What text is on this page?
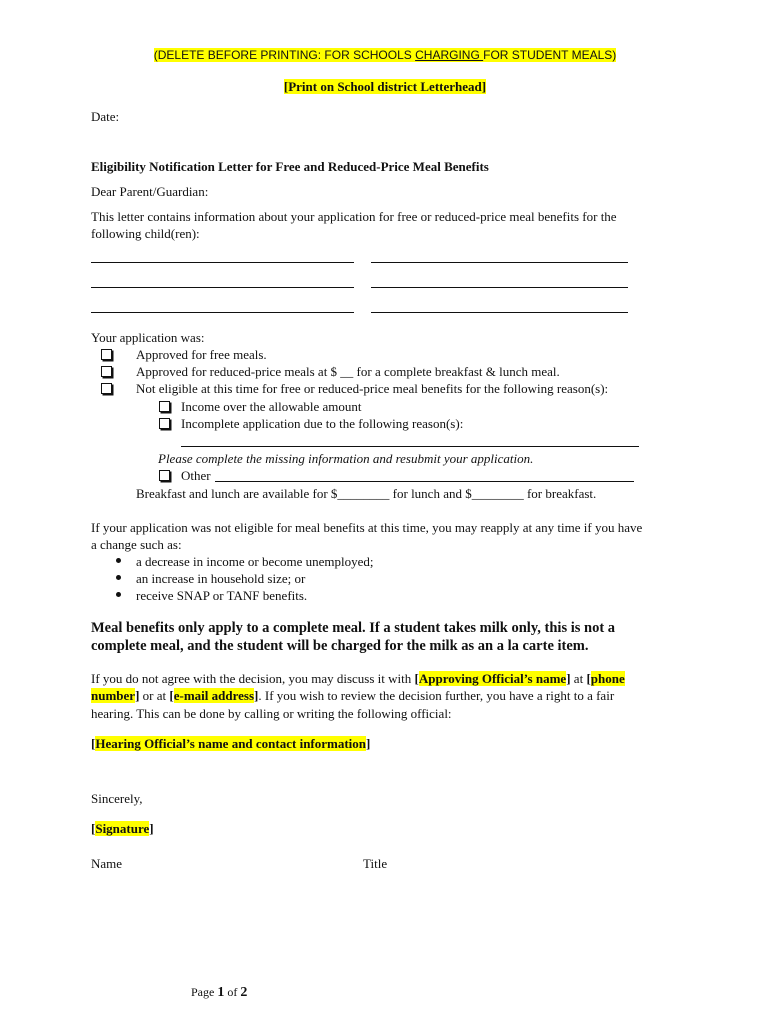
(DELETE BEFORE PRINTING: FOR SCHOOLS CHARGING FOR STUDENT MEALS)
[Print on School district Letterhead]
Date:
Eligibility Notification Letter for Free and Reduced-Price Meal Benefits
Dear Parent/Guardian:
This letter contains information about your application for free or reduced-price meal benefits for the
following child(ren):
Your application was:
Approved for free meals.
Approved for reduced-price meals at $ __ for a complete breakfast & lunch meal.
Not eligible at this time for free or reduced-price meal benefits for the following reason(s):
Income over the allowable amount
Incomplete application due to the following reason(s):
Please complete the missing information and resubmit your application.
Other
Breakfast and lunch are available for $________ for lunch and $________ for breakfast.
If your application was not eligible for meal benefits at this time, you may reapply at any time if you have
a change such as:
a decrease in income or become unemployed;
an increase in household size; or
receive SNAP or TANF benefits.
Meal benefits only apply to a complete meal. If a student takes milk only, this is not a
complete meal, and the student will be charged for the milk as an a la carte item.
If you do not agree with the decision, you may discuss it with [Approving Official’s name] at [phone
number] or at [e-mail address]. If you wish to review the decision further, you have a right to a fair
hearing. This can be done by calling or writing the following official:
[Hearing Official’s name and contact information]
Sincerely,
[Signature]
Name	Title
Page 1 of 2
